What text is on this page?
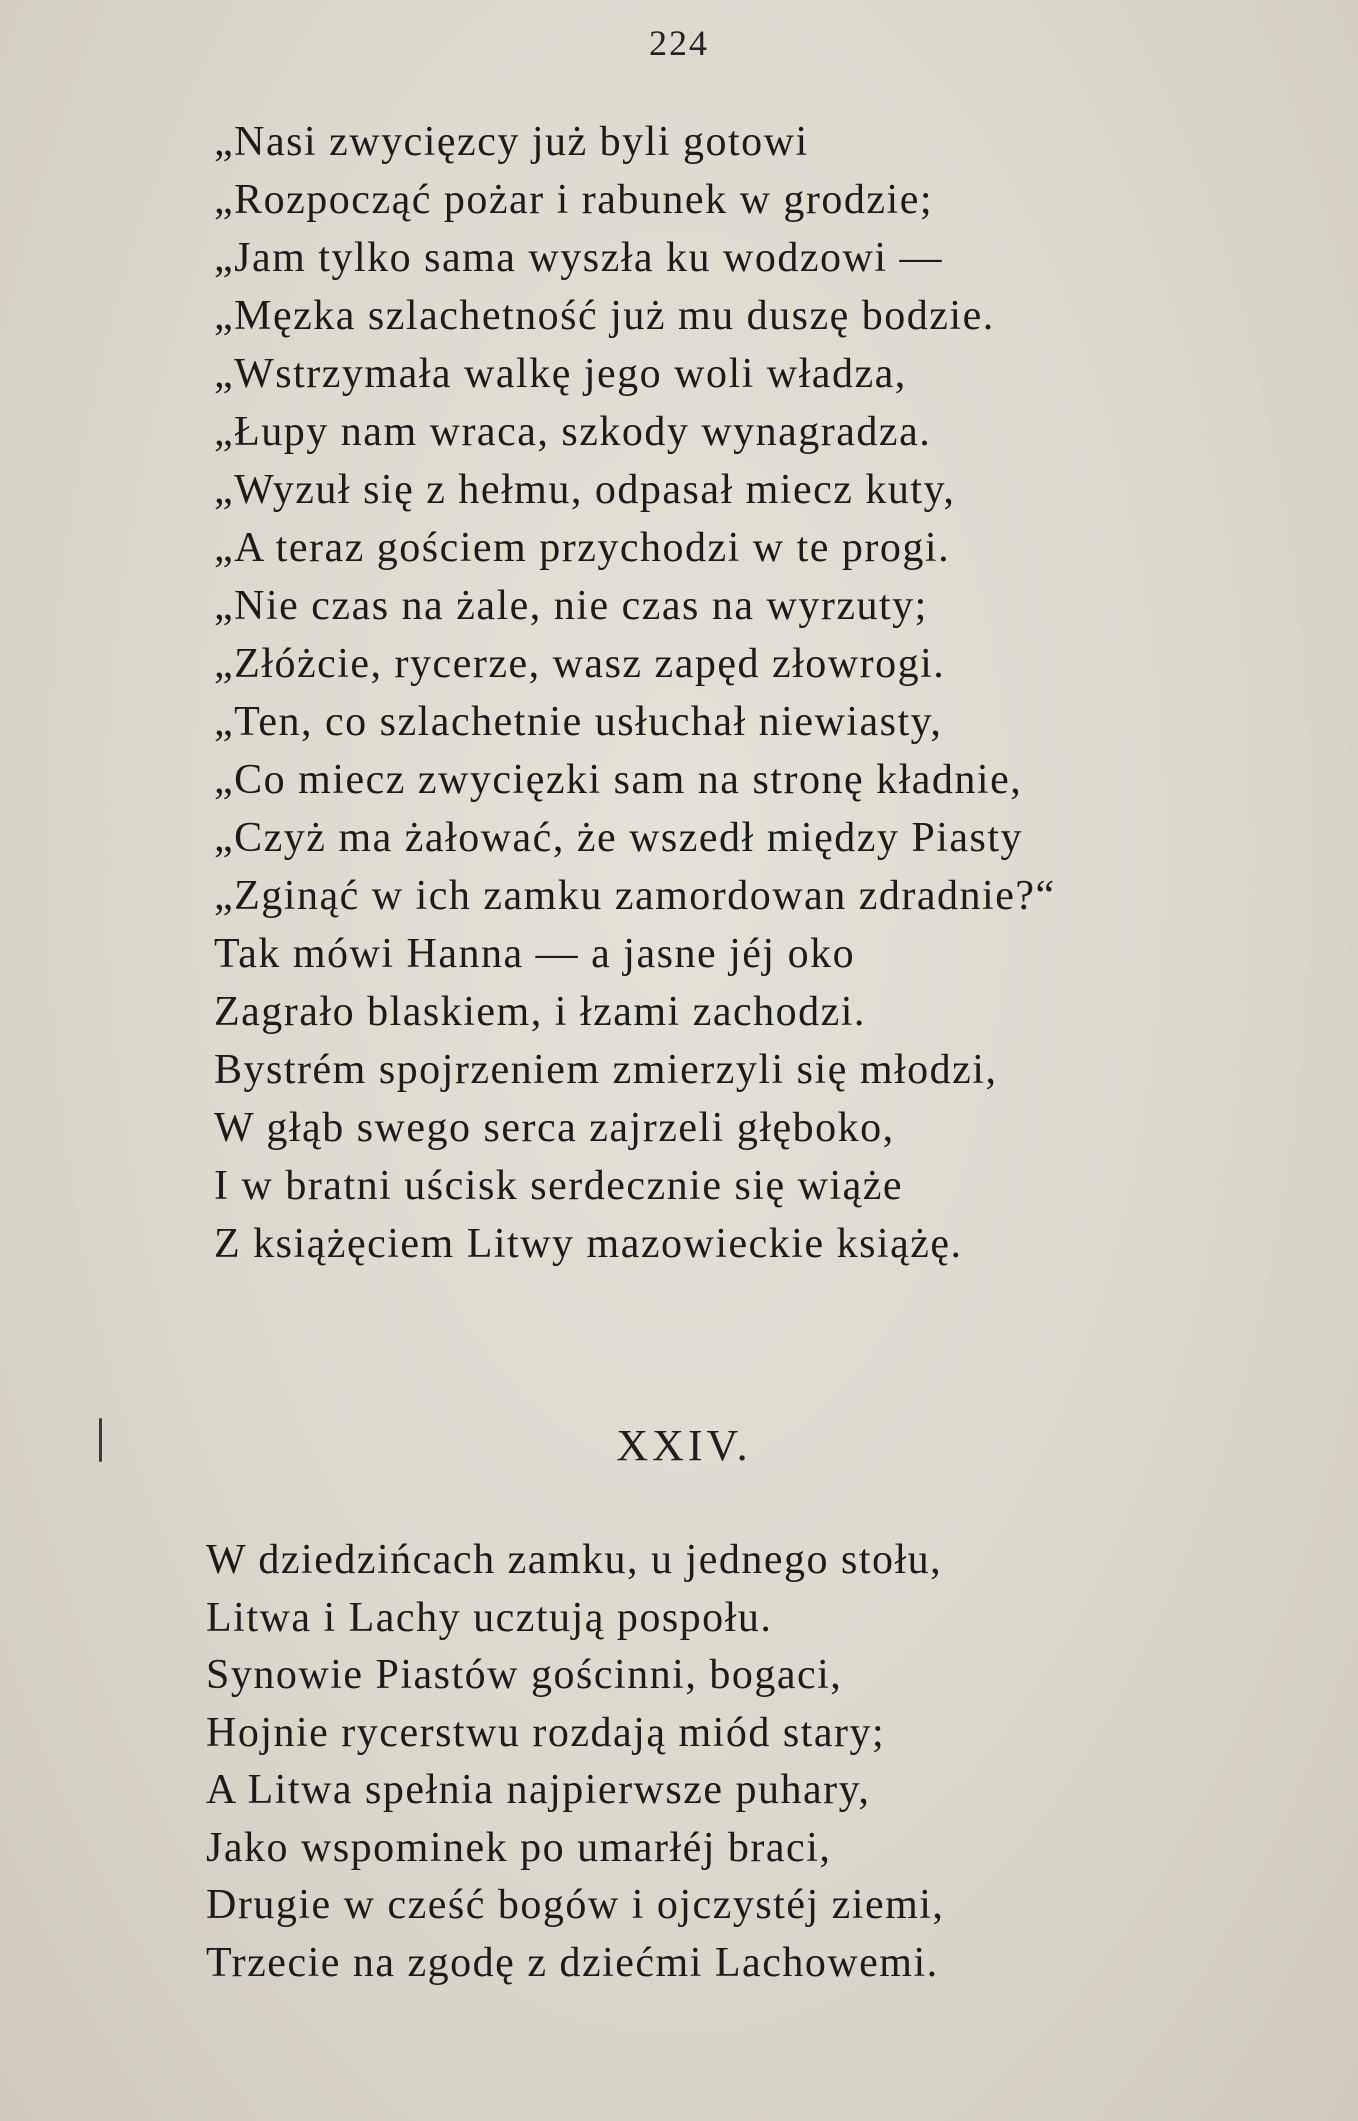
224
„Nasi zwycięzcy już byli gotowi
„Rozpocząć pożar i rabunek w grodzie;
„Jam tylko sama wyszła ku wodzowi —
„Męzka szlachetność już mu duszę bodzie.
„Wstrzymała walkę jego woli władza,
„Łupy nam wraca, szkody wynagradza.
„Wyzuł się z hełmu, odpasał miecz kuty,
„A teraz gościem przychodzi w te progi.
„Nie czas na żale, nie czas na wyrzuty;
„Złóżcie, rycerze, wasz zapęd złowrogi.
„Ten, co szlachetnie usłuchał niewiasty,
„Co miecz zwycięzki sam na stronę kładnie,
„Czyż ma żałować, że wszedł między Piasty
„Zginąć w ich zamku zamordowan zdradnie?“
Tak mówi Hanna — a jasne jéj oko
Zagrało blaskiem, i łzami zachodzi.
Bystrém spojrzeniem zmierzyli się młodzi,
W głąb swego serca zajrzeli głęboko,
I w bratni uścisk serdecznie się wiąże
Z książęciem Litwy mazowieckie książę.
XXIV.
W dziedzińcach zamku, u jednego stołu,
Litwa i Lachy ucztują pospołu.
Synowie Piastów gościnni, bogaci,
Hojnie rycerstwu rozdają miód stary;
A Litwa spełnia najpierwsze puhary,
Jako wspominek po umarłéj braci,
Drugie w cześć bogów i ojczystéj ziemi,
Trzecie na zgodę z dziećmi Lachowemi.
